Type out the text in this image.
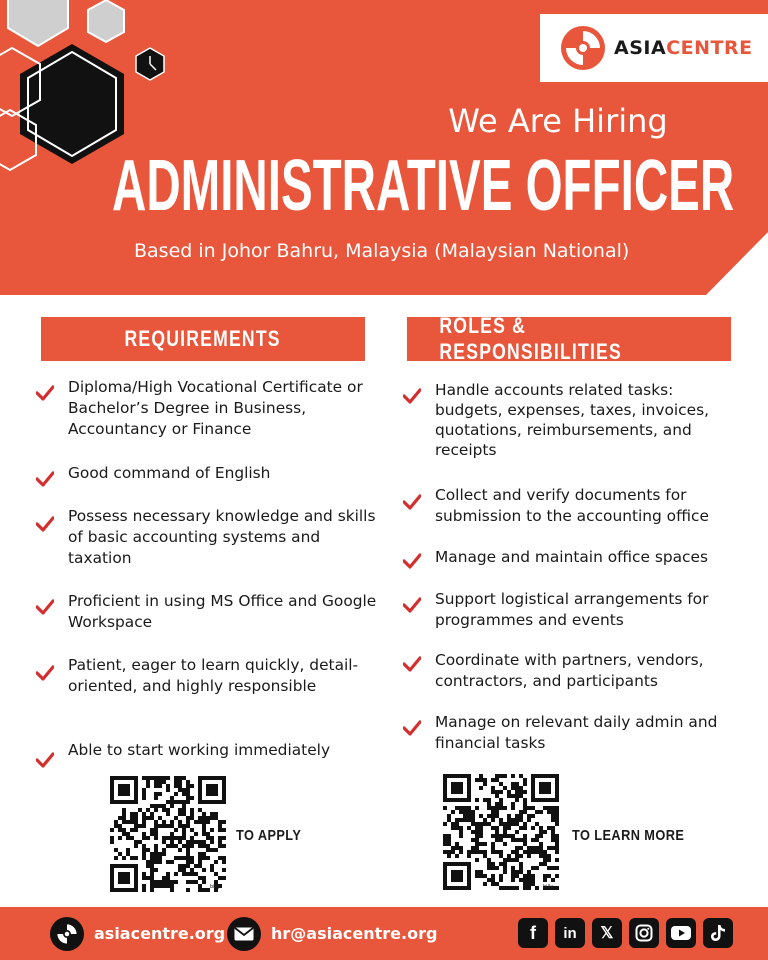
ASIACENTRE
We Are Hiring
ADMINISTRATIVE OFFICER
Based in Johor Bahru, Malaysia (Malaysian National)
REQUIREMENTS
ROLES & RESPONSIBILITIES
Diploma/High Vocational Certificate or Bachelor’s Degree in Business, Accountancy or Finance
Good command of English
Possess necessary knowledge and skills of basic accounting systems and taxation
Proficient in using MS Office and Google Workspace
Patient, eager to learn quickly, detail-oriented, and highly responsible
Able to start working immediately
Handle accounts related tasks: budgets, expenses, taxes, invoices, quotations, reimbursements, and receipts
Collect and verify documents for submission to the accounting office
Manage and maintain office spaces
Support logistical arrangements for programmes and events
Coordinate with partners, vendors, contractors, and participants
Manage on relevant daily admin and financial tasks
billy
TO APPLY
billy
TO LEARN MORE
asiacentre.org	hr@asiacentre.org	f	in	𝕏
